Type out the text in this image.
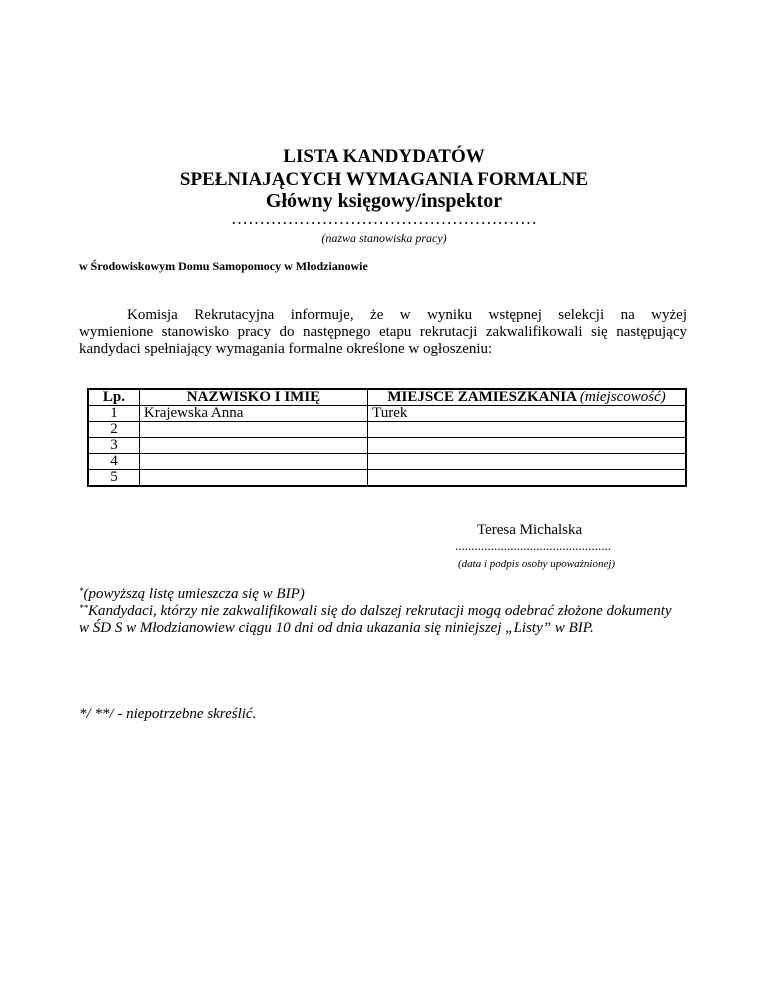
LISTA KANDYDATÓW
SPEŁNIAJĄCYCH WYMAGANIA FORMALNE
Główny księgowy/inspektor
………………………………………………
(nazwa stanowiska pracy)
w Środowiskowym Domu Samopomocy w Młodzianowie
Komisja Rekrutacyjna informuje, że w wyniku wstępnej selekcji na wyżej
wymienione stanowisko pracy do następnego etapu rekrutacji zakwalifikowali się następujący
kandydaci spełniający wymagania formalne określone w ogłoszeniu:
Lp.	NAZWISKO I IMIĘ	MIEJSCE ZAMIESZKANIA (miejscowość)
1	Krajewska Anna	Turek
2		
3		
4		
5		
Teresa Michalska
................................................
(data i podpis osoby upoważnionej)
*(powyższą listę umieszcza się w BIP)
**Kandydaci, którzy nie zakwalifikowali się do dalszej rekrutacji mogą odebrać złożone dokumenty w ŚD S w Młodzianowiew ciągu 10 dni od dnia ukazania się niniejszej „Listy” w BIP.
*/ **/ - niepotrzebne skreślić.
